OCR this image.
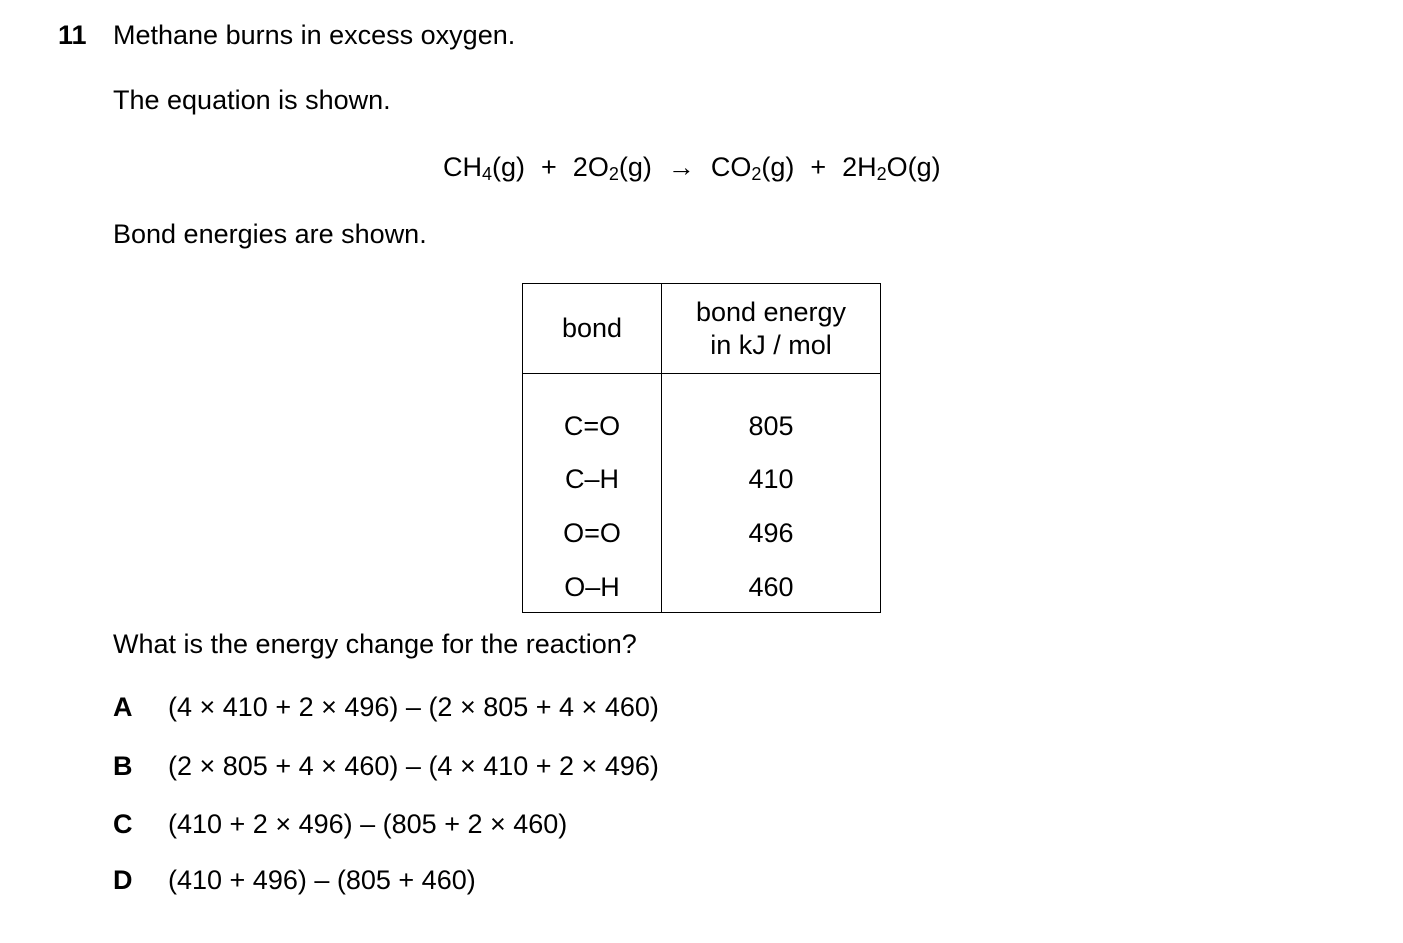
11 Methane burns in excess oxygen.
The equation is shown.
$CH_4(g) + 2O_2(g) \to CO_2(g) + 2H_2O(g)$
Bond energies are shown.
bond	bond energy
in kJ / mol
C=O	805
C–H	410
O=O	496
O–H	460
What is the energy change for the reaction?
A (4 × 410 + 2 × 496) – (2 × 805 + 4 × 460)
B (2 × 805 + 4 × 460) – (4 × 410 + 2 × 496)
C (410 + 2 × 496) – (805 + 2 × 460)
D (410 + 496) – (805 + 460)
